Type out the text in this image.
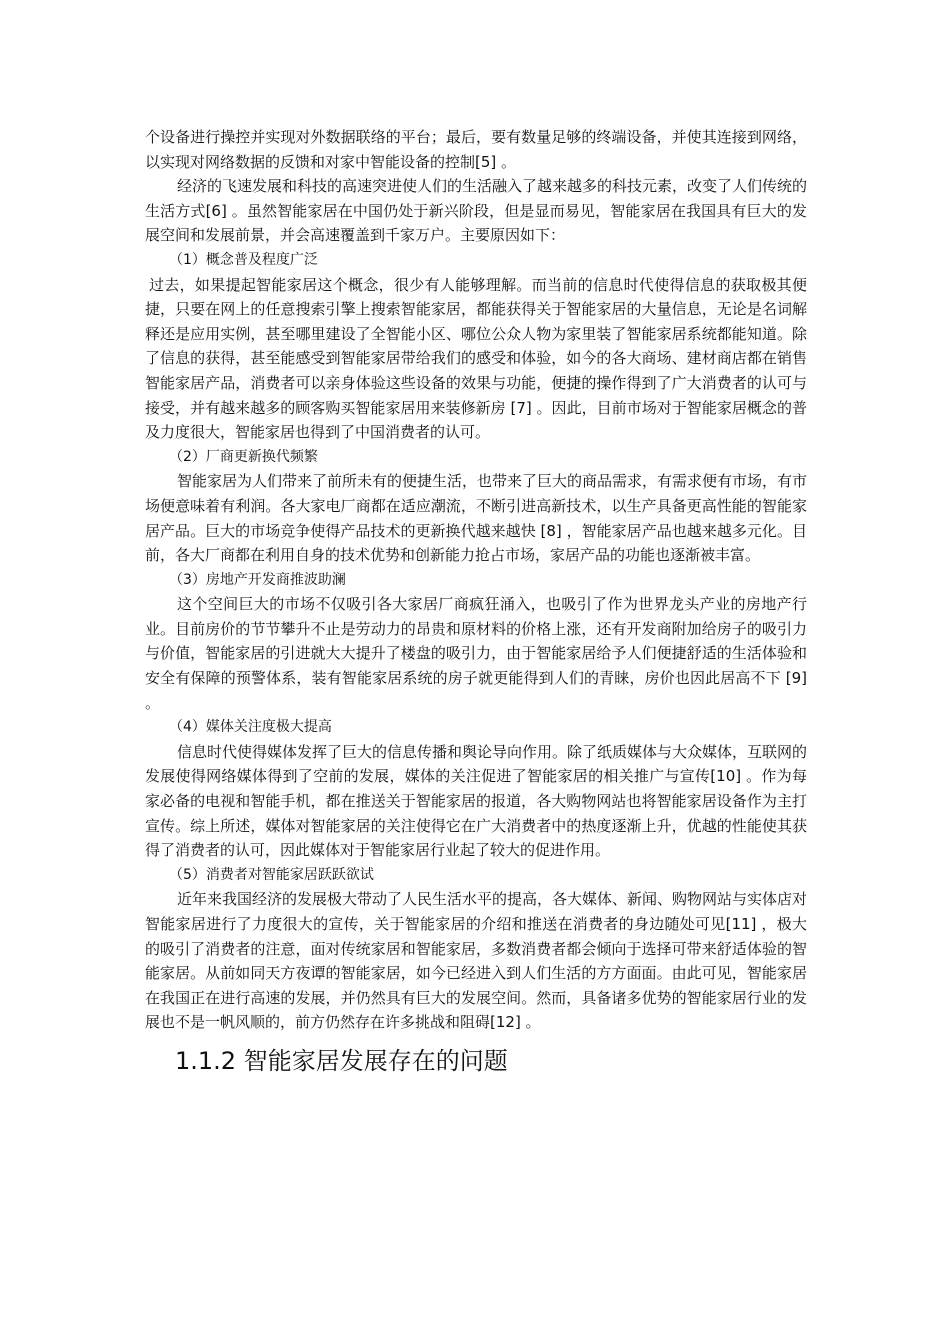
个设备进行操控并实现对外数据联络的平台；最后，要有数量足够的终端设备，并使其连接到网络，以实现对网络数据的反馈和对家中智能设备的控制[5] 。

经济的飞速发展和科技的高速突进使人们的生活融入了越来越多的科技元素，改变了人们传统的生活方式[6] 。虽然智能家居在中国仍处于新兴阶段，但是显而易见，智能家居在我国具有巨大的发展空间和发展前景，并会高速覆盖到千家万户。主要原因如下：

（1）概念普及程度广泛

过去，如果提起智能家居这个概念，很少有人能够理解。而当前的信息时代使得信息的获取极其便捷，只要在网上的任意搜索引擎上搜索智能家居，都能获得关于智能家居的大量信息，无论是名词解释还是应用实例，甚至哪里建设了全智能小区、哪位公众人物为家里装了智能家居系统都能知道。除了信息的获得，甚至能感受到智能家居带给我们的感受和体验，如今的各大商场、建材商店都在销售智能家居产品，消费者可以亲身体验这些设备的效果与功能，便捷的操作得到了广大消费者的认可与接受，并有越来越多的顾客购买智能家居用来装修新房 [7] 。因此，目前市场对于智能家居概念的普及力度很大，智能家居也得到了中国消费者的认可。

（2）厂商更新换代频繁

智能家居为人们带来了前所未有的便捷生活，也带来了巨大的商品需求，有需求便有市场，有市场便意味着有利润。各大家电厂商都在适应潮流，不断引进高新技术，以生产具备更高性能的智能家居产品。巨大的市场竞争使得产品技术的更新换代越来越快 [8] ，智能家居产品也越来越多元化。目前，各大厂商都在利用自身的技术优势和创新能力抢占市场，家居产品的功能也逐渐被丰富。

（3）房地产开发商推波助澜

这个空间巨大的市场不仅吸引各大家居厂商疯狂涌入，也吸引了作为世界龙头产业的房地产行业。目前房价的节节攀升不止是劳动力的昂贵和原材料的价格上涨，还有开发商附加给房子的吸引力与价值，智能家居的引进就大大提升了楼盘的吸引力，由于智能家居给予人们便捷舒适的生活体验和安全有保障的预警体系，装有智能家居系统的房子就更能得到人们的青睐，房价也因此居高不下 [9] 。

（4）媒体关注度极大提高

信息时代使得媒体发挥了巨大的信息传播和舆论导向作用。除了纸质媒体与大众媒体，互联网的发展使得网络媒体得到了空前的发展，媒体的关注促进了智能家居的相关推广与宣传[10] 。作为每家必备的电视和智能手机，都在推送关于智能家居的报道，各大购物网站也将智能家居设备作为主打宣传。综上所述，媒体对智能家居的关注使得它在广大消费者中的热度逐渐上升，优越的性能使其获得了消费者的认可，因此媒体对于智能家居行业起了较大的促进作用。

（5）消费者对智能家居跃跃欲试

近年来我国经济的发展极大带动了人民生活水平的提高，各大媒体、新闻、购物网站与实体店对智能家居进行了力度很大的宣传，关于智能家居的介绍和推送在消费者的身边随处可见[11] ，极大的吸引了消费者的注意，面对传统家居和智能家居，多数消费者都会倾向于选择可带来舒适体验的智能家居。从前如同天方夜谭的智能家居，如今已经进入到人们生活的方方面面。由此可见，智能家居在我国正在进行高速的发展，并仍然具有巨大的发展空间。然而，具备诸多优势的智能家居行业的发展也不是一帆风顺的，前方仍然存在许多挑战和阻碍[12] 。

1.1.2 智能家居发展存在的问题
